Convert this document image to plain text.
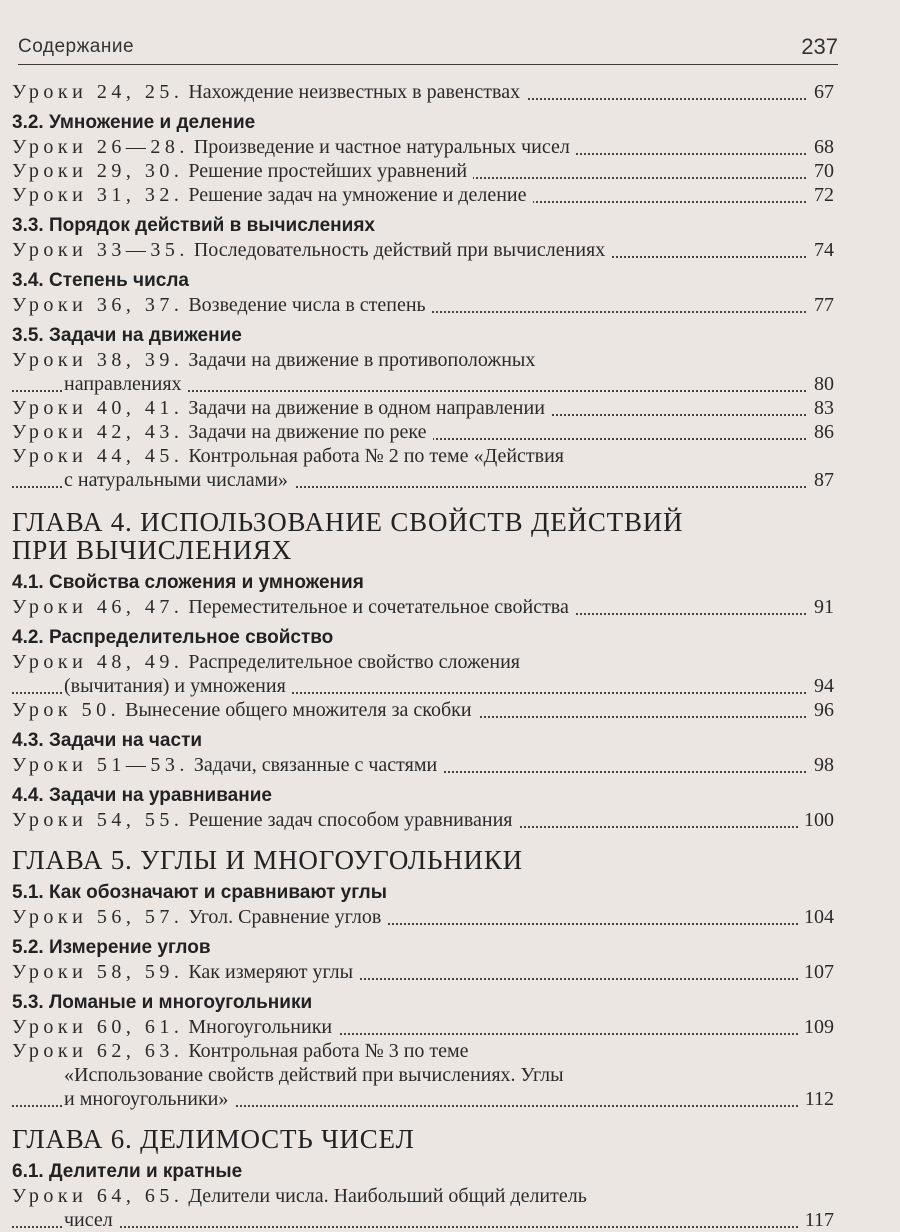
Содержание	237
Уроки 24, 25. Нахождение неизвестных в равенствах	67
3.2. Умножение и деление
Уроки 26—28. Произведение и частное натуральных чисел	68
Уроки 29, 30. Решение простейших уравнений	70
Уроки 31, 32. Решение задач на умножение и деление	72
3.3. Порядок действий в вычислениях
Уроки 33—35. Последовательность действий при вычислениях	74
3.4. Степень числа
Уроки 36, 37. Возведение числа в степень	77
3.5. Задачи на движение
Уроки 38, 39. Задачи на движение в противоположных
направлениях	80
Уроки 40, 41. Задачи на движение в одном направлении	83
Уроки 42, 43. Задачи на движение по реке	86
Уроки 44, 45. Контрольная работа № 2 по теме «Действия
с натуральными числами»	87
ГЛАВА 4. ИСПОЛЬЗОВАНИЕ СВОЙСТВ ДЕЙСТВИЙ
ПРИ ВЫЧИСЛЕНИЯХ
4.1. Свойства сложения и умножения
Уроки 46, 47. Переместительное и сочетательное свойства	91
4.2. Распределительное свойство
Уроки 48, 49. Распределительное свойство сложения
(вычитания) и умножения	94
Урок 50. Вынесение общего множителя за скобки	96
4.3. Задачи на части
Уроки 51—53. Задачи, связанные с частями	98
4.4. Задачи на уравнивание
Уроки 54, 55. Решение задач способом уравнивания	100
ГЛАВА 5. УГЛЫ И МНОГОУГОЛЬНИКИ
5.1. Как обозначают и сравнивают углы
Уроки 56, 57. Угол. Сравнение углов	104
5.2. Измерение углов
Уроки 58, 59. Как измеряют углы	107
5.3. Ломаные и многоугольники
Уроки 60, 61. Многоугольники	109
Уроки 62, 63. Контрольная работа № 3 по теме
«Использование свойств действий при вычислениях. Углы
и многоугольники»	112
ГЛАВА 6. ДЕЛИМОСТЬ ЧИСЕЛ
6.1. Делители и кратные
Уроки 64, 65. Делители числа. Наибольший общий делитель
чисел	117
